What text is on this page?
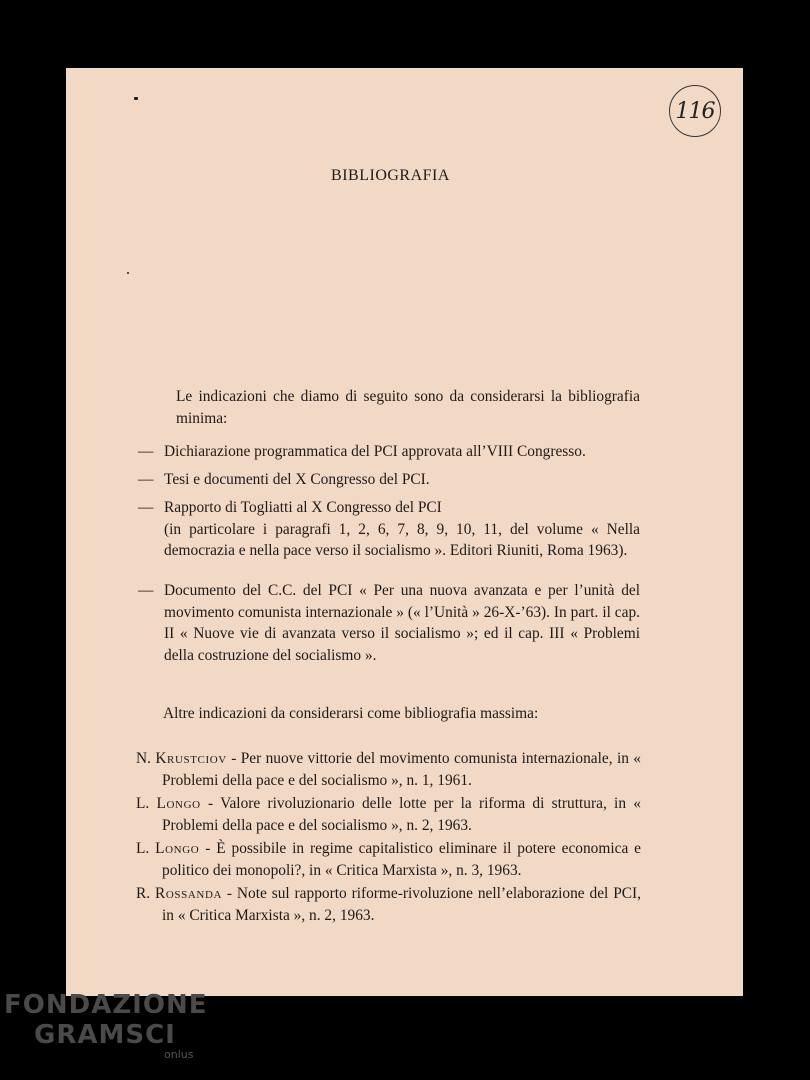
116
BIBLIOGRAFIA
Le indicazioni che diamo di seguito sono da considerarsi la bibliografia minima:
— Dichiarazione programmatica del PCI approvata all’VIII Congresso.
— Tesi e documenti del X Congresso del PCI.
— Rapporto di Togliatti al X Congresso del PCI
(in particolare i paragrafi 1, 2, 6, 7, 8, 9, 10, 11, del volume « Nella democrazia e nella pace verso il socialismo ». Editori Riuniti, Roma 1963).
— Documento del C.C. del PCI « Per una nuova avanzata e per l’unità del movimento comunista internazionale » (« l’Unità » 26-X-’63). In part. il cap. II « Nuove vie di avanzata verso il socialismo »; ed il cap. III « Problemi della costruzione del socialismo ».
Altre indicazioni da considerarsi come bibliografia massima:
N. Krustciov - Per nuove vittorie del movimento comunista internazionale, in « Problemi della pace e del socialismo », n. 1, 1961.
L. Longo - Valore rivoluzionario delle lotte per la riforma di struttura, in « Problemi della pace e del socialismo », n. 2, 1963.
L. Longo - È possibile in regime capitalistico eliminare il potere economica e politico dei monopoli?, in « Critica Marxista », n. 3, 1963.
R. Rossanda - Note sul rapporto riforme-rivoluzione nell’elaborazione del PCI, in « Critica Marxista », n. 2, 1963.
FONDAZIONE
GRAMSCI
onlus
